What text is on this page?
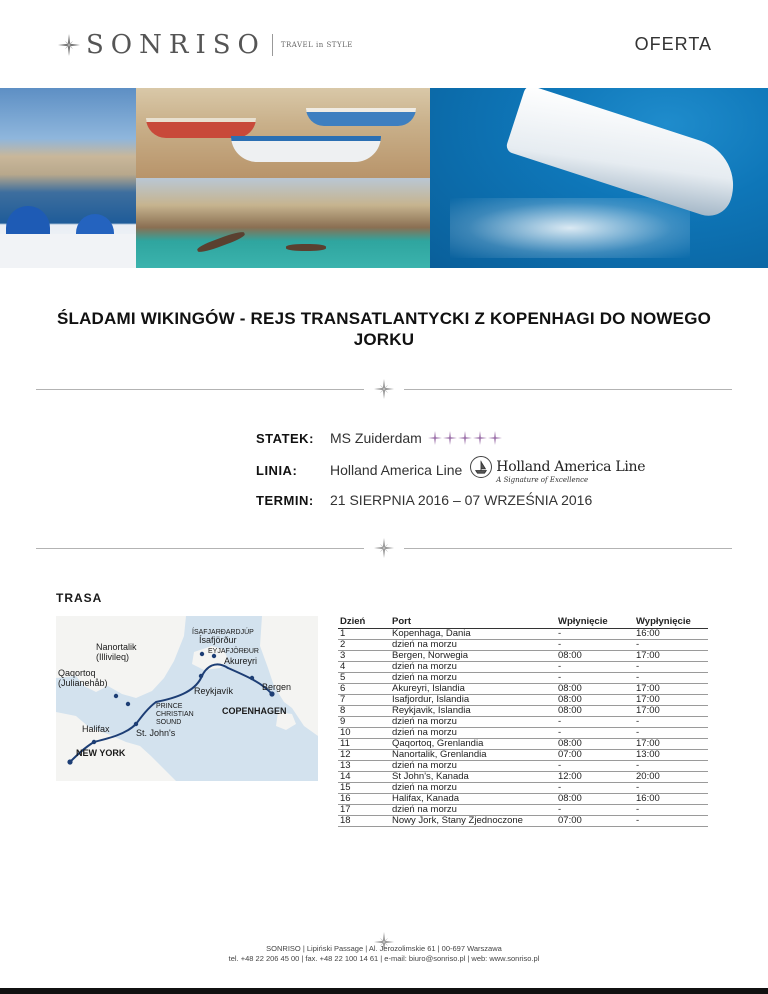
SONRISO TRAVEL in STYLE	OFERTA
ŚLADAMI WIKINGÓW - REJS TRANSATLANTYCKI Z KOPENHAGI DO NOWEGO JORKU
STATEK:	MS Zuiderdam
LINIA:	Holland America Line Holland America Line
A Signature of Excellence
TERMIN:	21 SIERPNIA 2016 – 07 WRZEŚNIA 2016
TRASA
ÍSAFJARÐARDJÚP
Ísafjörður
EYJAFJÖRÐUR
Akureyri
Nanortalik
(Illivileq)
Qaqortoq
(Julianehåb)
Reykjavík	Bergen
PRINCE
CHRISTIAN
SOUND
COPENHAGEN
Halifax	St. John's
NEW YORK
Dzień	Port	Wpłynięcie	Wypłynięcie
1	Kopenhaga, Dania	-	16:00
2	dzień na morzu	-	-
3	Bergen, Norwegia	08:00	17:00
4	dzień na morzu	-	-
5	dzień na morzu	-	-
6	Akureyri, Islandia	08:00	17:00
7	Isafjordur, Islandia	08:00	17:00
8	Reykjavik, Islandia	08:00	17:00
9	dzień na morzu	-	-
10	dzień na morzu	-	-
11	Qaqortoq, Grenlandia	08:00	17:00
12	Nanortalik, Grenlandia	07:00	13:00
13	dzień na morzu	-	-
14	St John's, Kanada	12:00	20:00
15	dzień na morzu	-	-
16	Halifax, Kanada	08:00	16:00
17	dzień na morzu	-	-
18	Nowy Jork, Stany Zjednoczone	07:00	-
SONRISO | Lipiński Passage | Al. Jerozolimskie 61 | 00-697 Warszawa
tel. +48 22 206 45 00 | fax. +48 22 100 14 61 | e-mail: biuro@sonriso.pl | web: www.sonriso.pl
